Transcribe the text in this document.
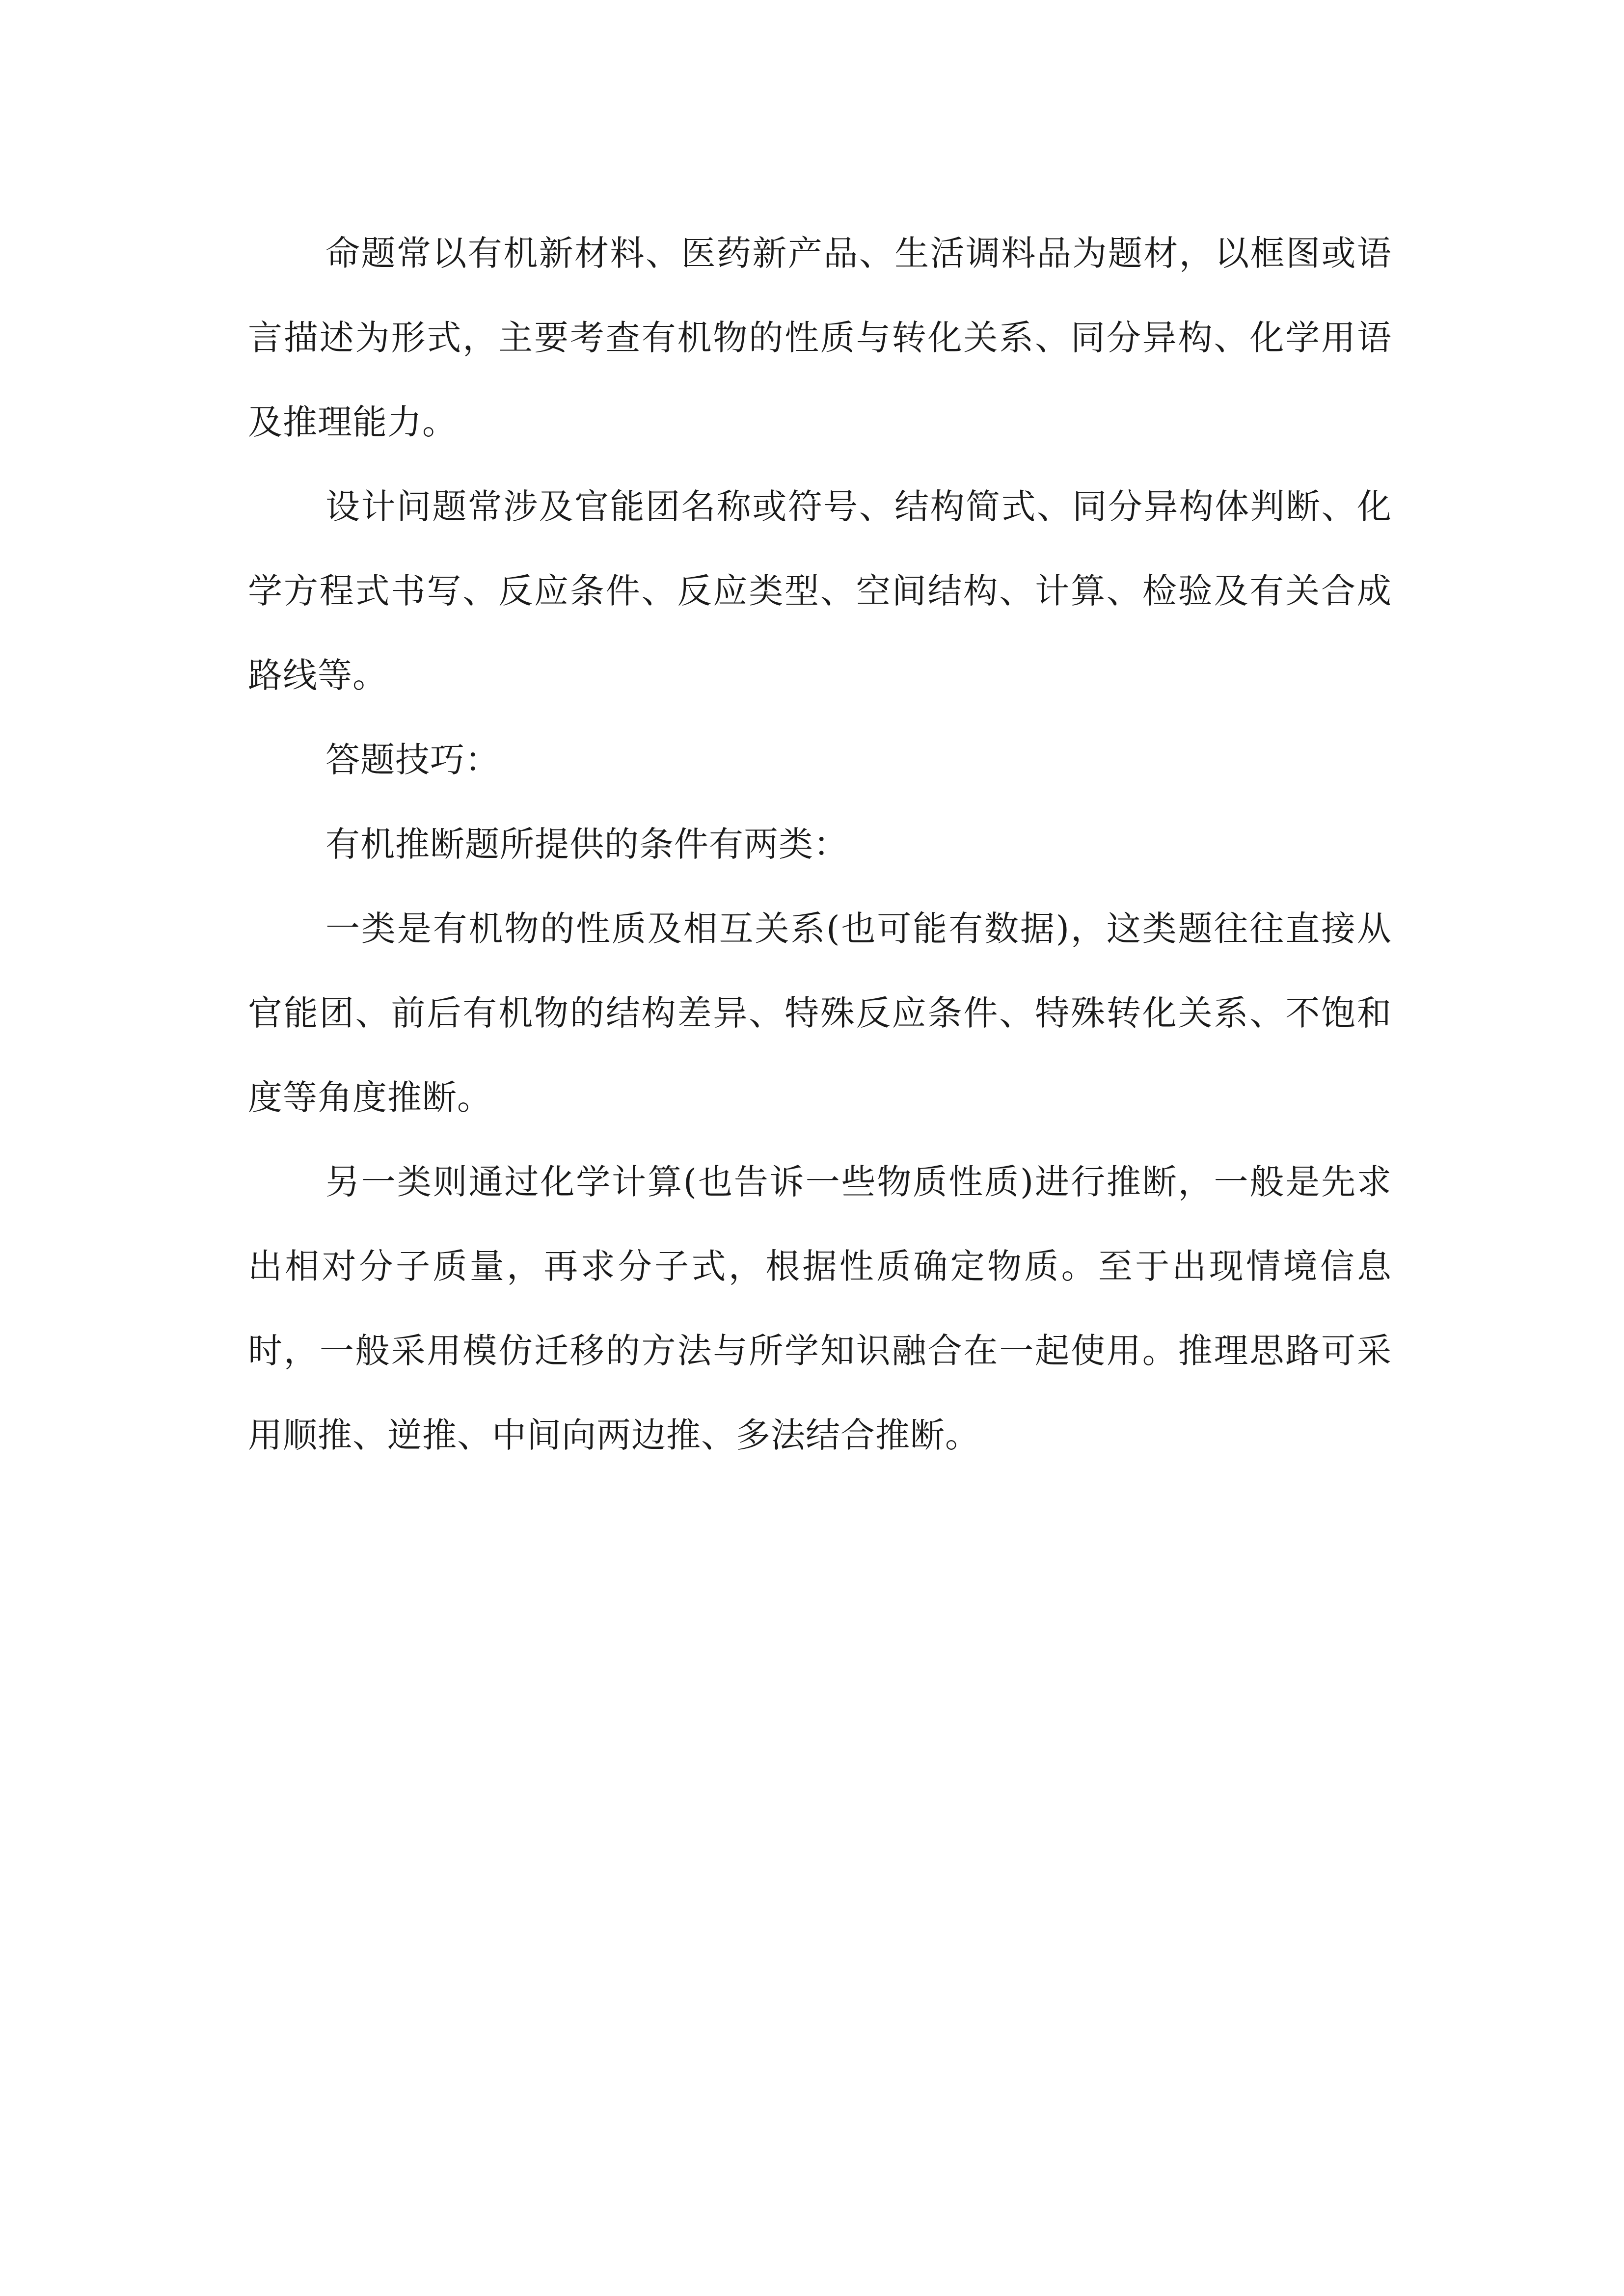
命题常以有机新材料、医药新产品、生活调料品为题材，以框图或语言描述为形式，主要考查有机物的性质与转化关系、同分异构、化学用语及推理能力。

设计问题常涉及官能团名称或符号、结构简式、同分异构体判断、化学方程式书写、反应条件、反应类型、空间结构、计算、检验及有关合成路线等。

答题技巧：

有机推断题所提供的条件有两类：

一类是有机物的性质及相互关系(也可能有数据)，这类题往往直接从官能团、前后有机物的结构差异、特殊反应条件、特殊转化关系、不饱和度等角度推断。

另一类则通过化学计算(也告诉一些物质性质)进行推断，一般是先求出相对分子质量，再求分子式，根据性质确定物质。至于出现情境信息时，一般采用模仿迁移的方法与所学知识融合在一起使用。推理思路可采用顺推、逆推、中间向两边推、多法结合推断。
